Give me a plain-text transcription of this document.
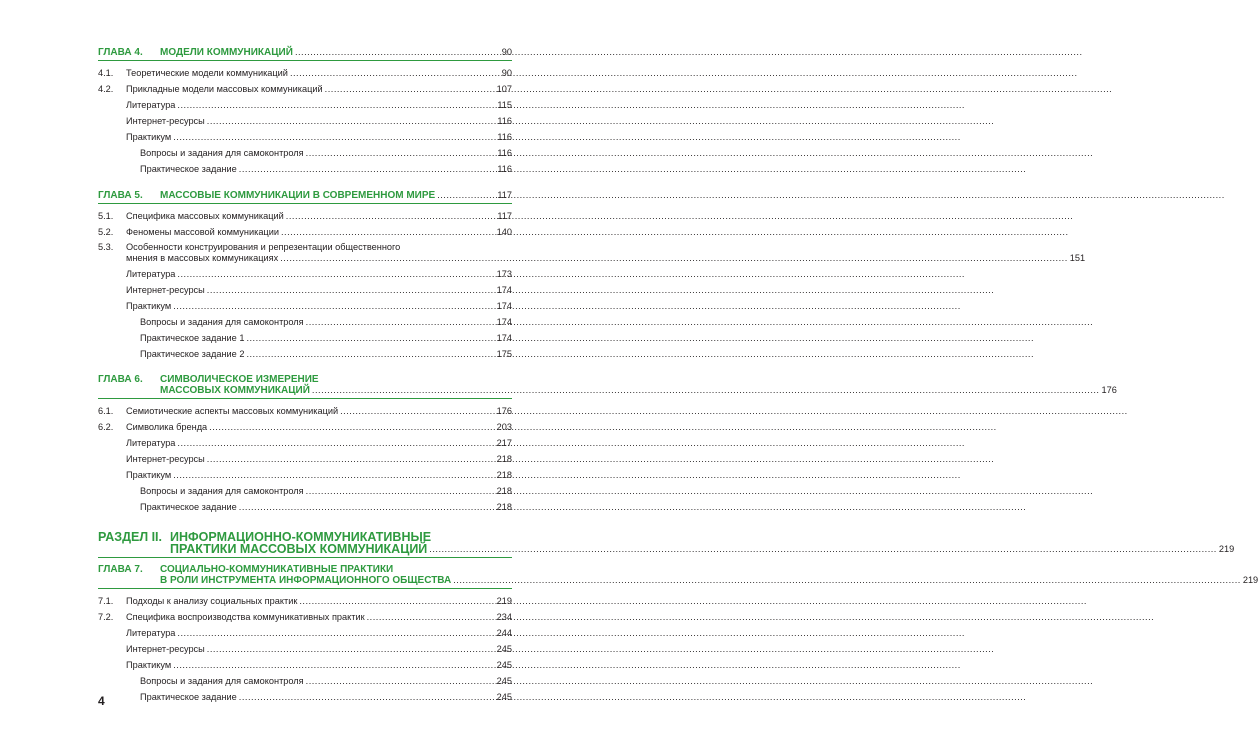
ГЛАВА 4.	МОДЕЛИ КОММУНИКАЦИЙ .....	90
4.1.	Теоретические модели коммуникаций .....	90
4.2.	Прикладные модели массовых коммуникаций .....	107
Литература .....	115
Интернет-ресурсы .....	116
Практикум .....	116
Вопросы и задания для самоконтроля .....	116
Практическое задание .....	116
ГЛАВА 5.	МАССОВЫЕ КОММУНИКАЦИИ В СОВРЕМЕННОМ МИРЕ .....	117
5.1.	Специфика массовых коммуникаций .....	117
5.2.	Феномены массовой коммуникации .....	140
5.3.	Особенности конструирования и репрезентации общественного
мнения в массовых коммуникациях .....	151
Литература .....	173
Интернет-ресурсы .....	174
Практикум .....	174
Вопросы и задания для самоконтроля .....	174
Практическое задание 1 .....	174
Практическое задание 2 .....	175
ГЛАВА 6.	СИМВОЛИЧЕСКОЕ ИЗМЕРЕНИЕ
МАССОВЫХ КОММУНИКАЦИЙ .....	176
6.1.	Семиотические аспекты массовых коммуникаций .....	176
6.2.	Символика бренда .....	203
Литература .....	217
Интернет-ресурсы .....	218
Практикум .....	218
Вопросы и задания для самоконтроля .....	218
Практическое задание .....	218
РАЗДЕЛ II. ИНФОРМАЦИОННО-КОММУНИКАТИВНЫЕ
ПРАКТИКИ МАССОВЫХ КОММУНИКАЦИЙ .....	219
ГЛАВА 7.	СОЦИАЛЬНО-КОММУНИКАТИВНЫЕ ПРАКТИКИ
В РОЛИ ИНСТРУМЕНТА ИНФОРМАЦИОННОГО ОБЩЕСТВА .....	219
7.1.	Подходы к анализу социальных практик .....	219
7.2.	Специфика воспроизводства коммуникативных практик .....	234
Литература .....	244
Интернет-ресурсы .....	245
Практикум .....	245
Вопросы и задания для самоконтроля .....	245
Практическое задание .....	245
4
